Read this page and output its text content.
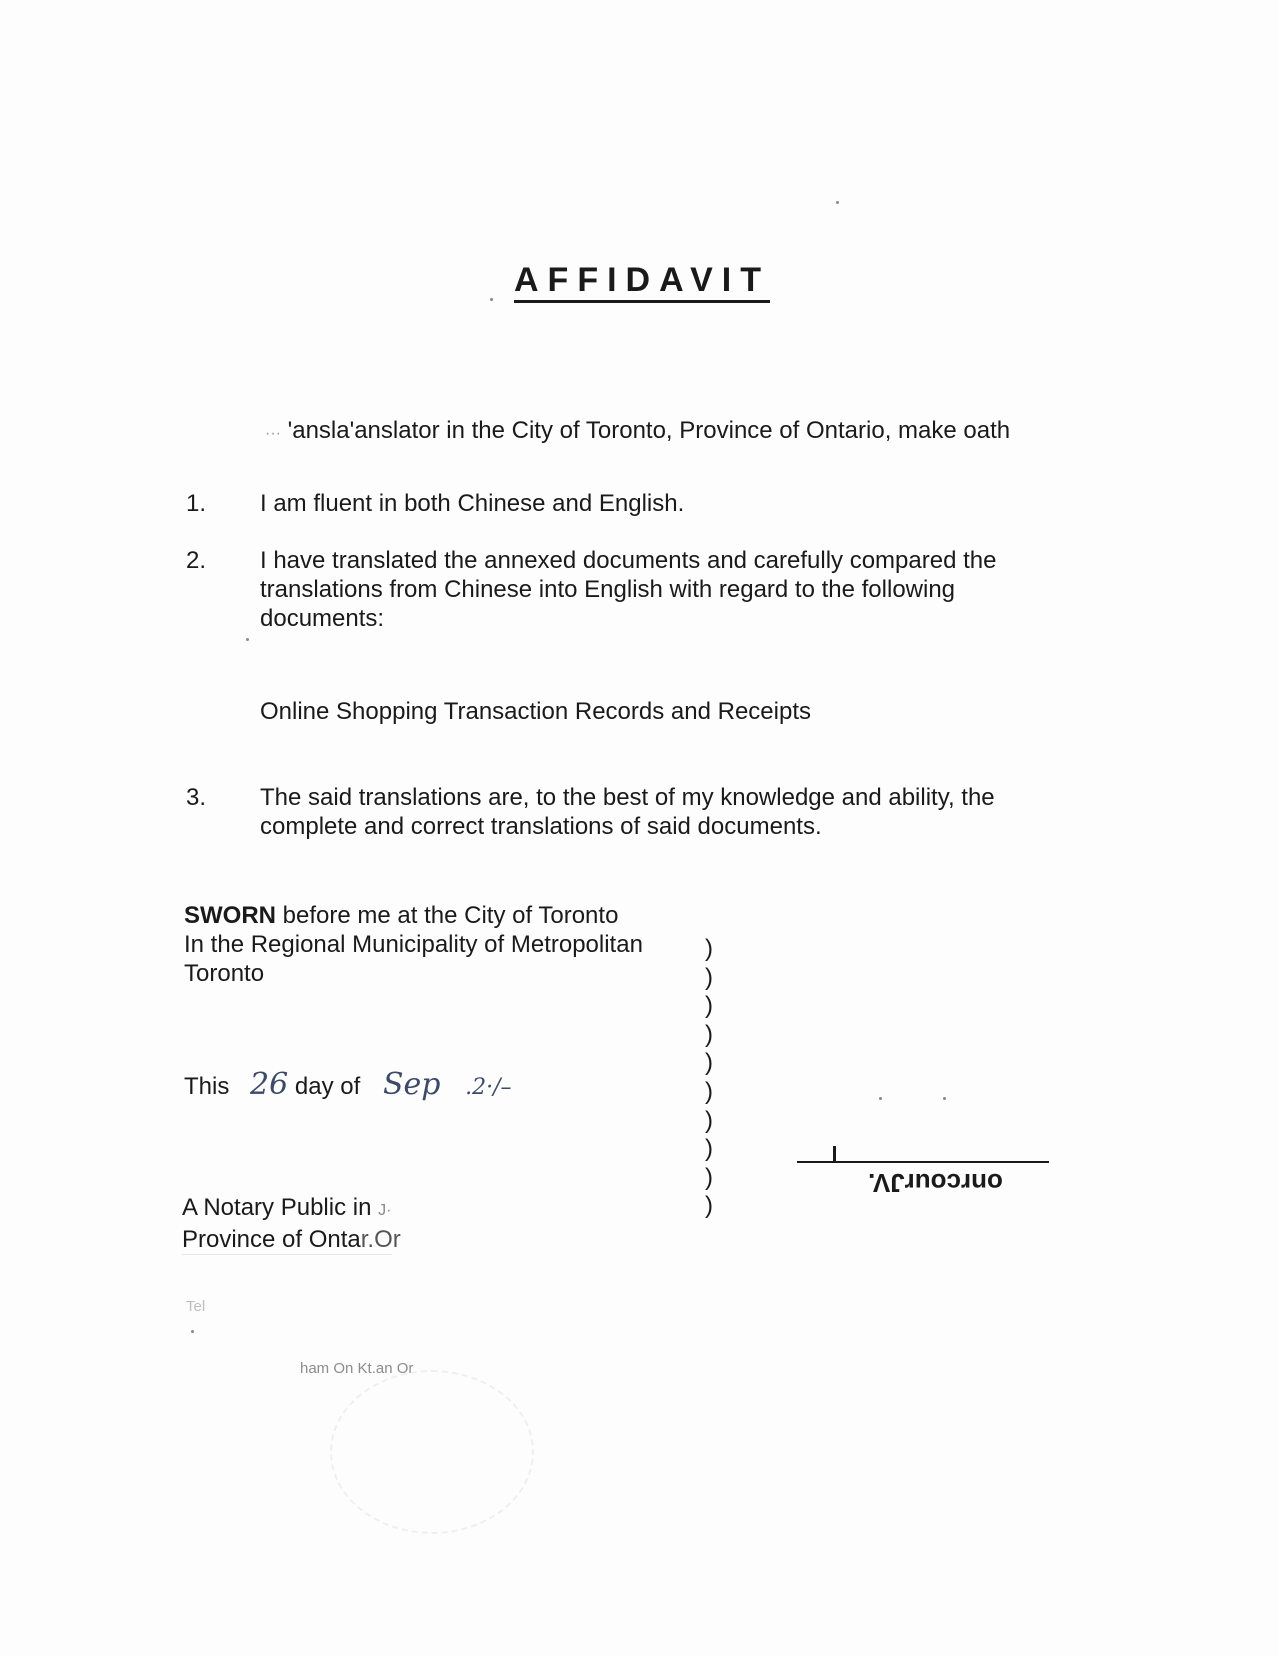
AFFIDAVIT
··· 'ansla'anslator in the City of Toronto, Province of Ontario, make oath
1. I am fluent in both Chinese and English.
2. I have translated the annexed documents and carefully compared the translations from Chinese into English with regard to the following documents:
Online Shopping Transaction Records and Receipts
3. The said translations are, to the best of my knowledge and ability, the complete and correct translations of said documents.
SWORN before me at the City of Toronto
In the Regional Municipality of Metropolitan
Toronto
This 26 day of Sep .2·/–
A Notary Public in J·
Province of Ontar.Or
Tel
ham On Kt.an Or
)
)
)
)
)
)
)
)
)
)
onrcourJV.
